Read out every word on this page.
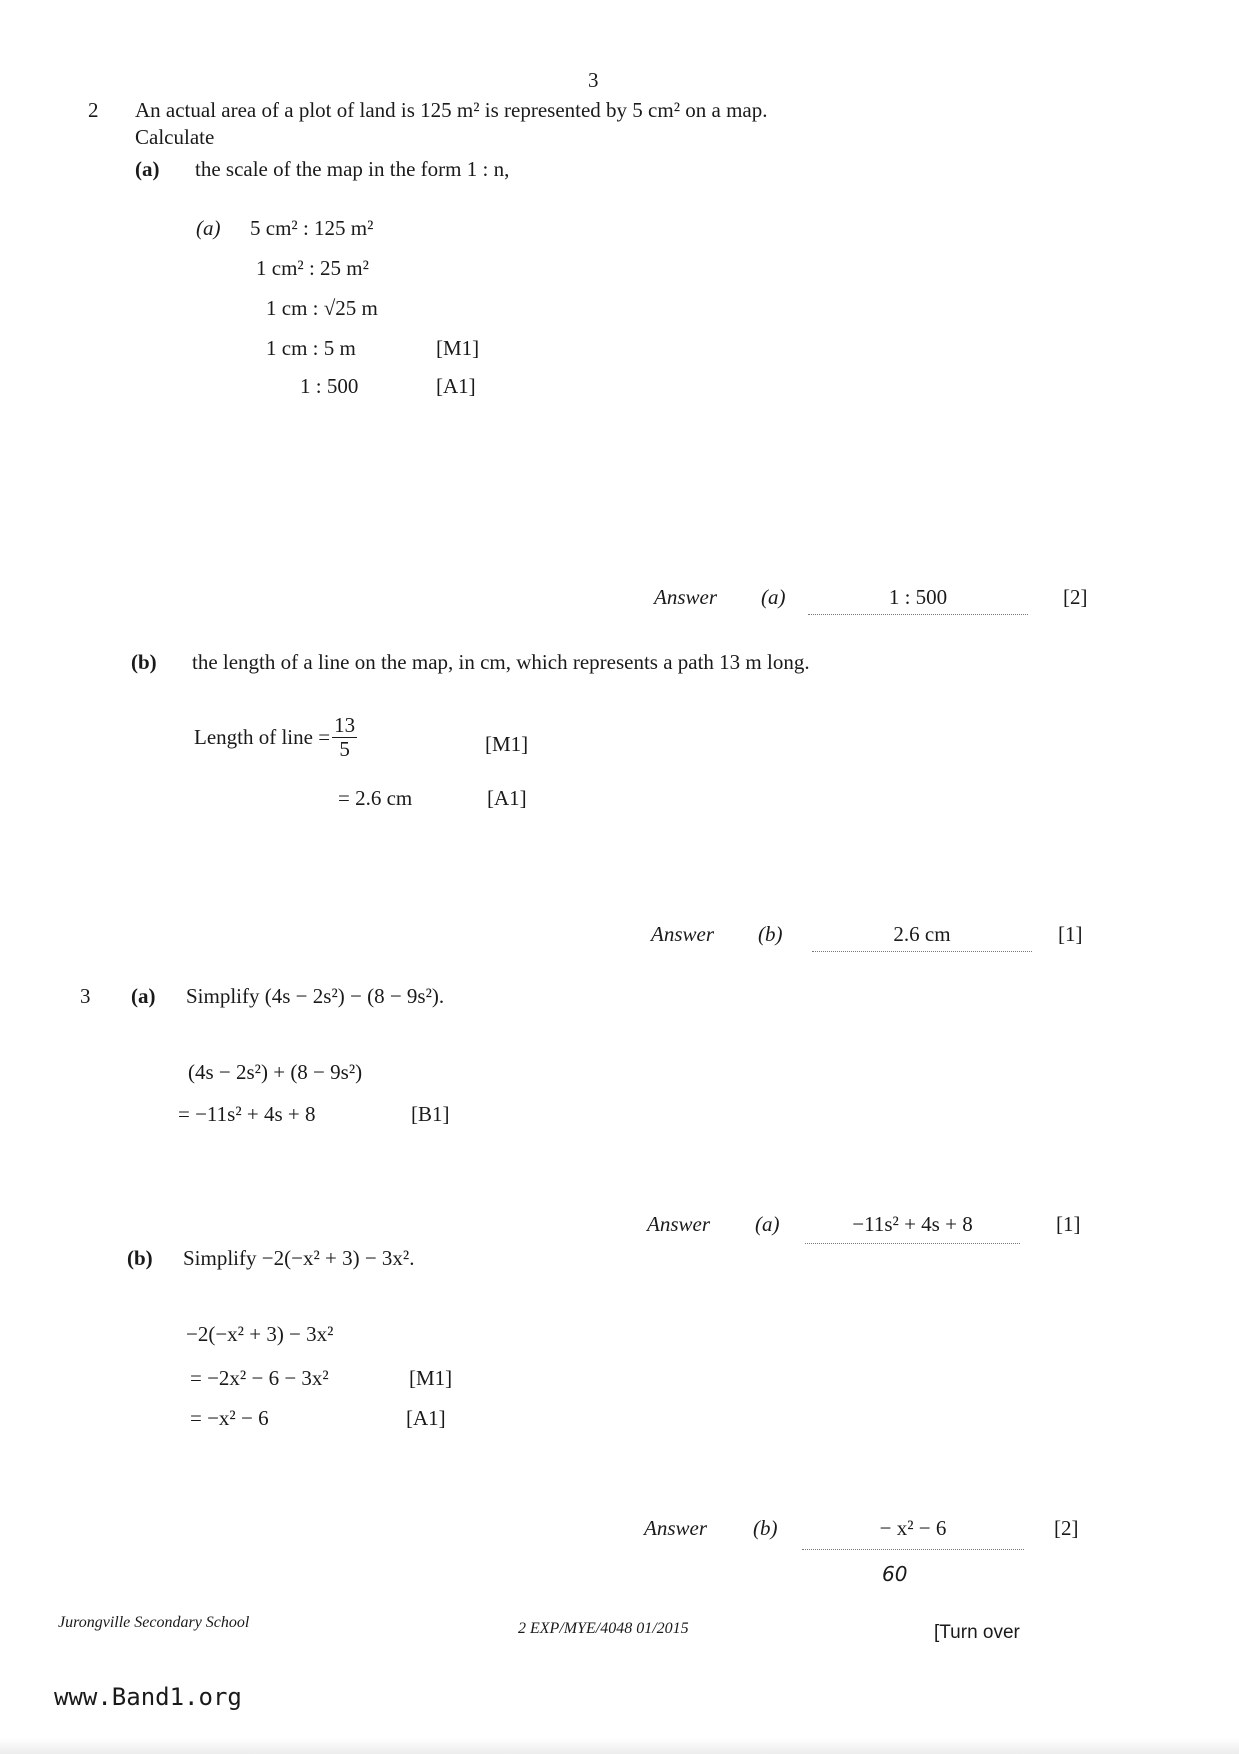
3
2 An actual area of a plot of land is 125 m² is represented by 5 cm² on a map.
Calculate
(a) the scale of the map in the form 1 : n,
(a) 5 cm² : 125 m²
1 cm² : 25 m²
1 cm : √25 m
1 cm : 5 m	[M1]
1 : 500	[A1]
Answer (a)	1 : 500	[2]
(b) the length of a line on the map, in cm, which represents a path 13 m long.
Length of line = $\frac{13}{5}$	[M1]
= 2.6 cm	[A1]
Answer (b)	2.6 cm	[1]
3 (a) Simplify (4s − 2s²) − (8 − 9s²).
(4s − 2s²) + (8 − 9s²)
= −11s² + 4s + 8	[B1]
Answer (a)	−11s² + 4s + 8	[1]
(b) Simplify −2(−x² + 3) − 3x².
−2(−x² + 3) − 3x²
= −2x² − 6 − 3x²	[M1]
= −x² − 6	[A1]
Answer (b)	− x² − 6	[2]
60
Jurongville Secondary School	2 EXP/MYE/4048 01/2015	[Turn over
www.Band1.org
